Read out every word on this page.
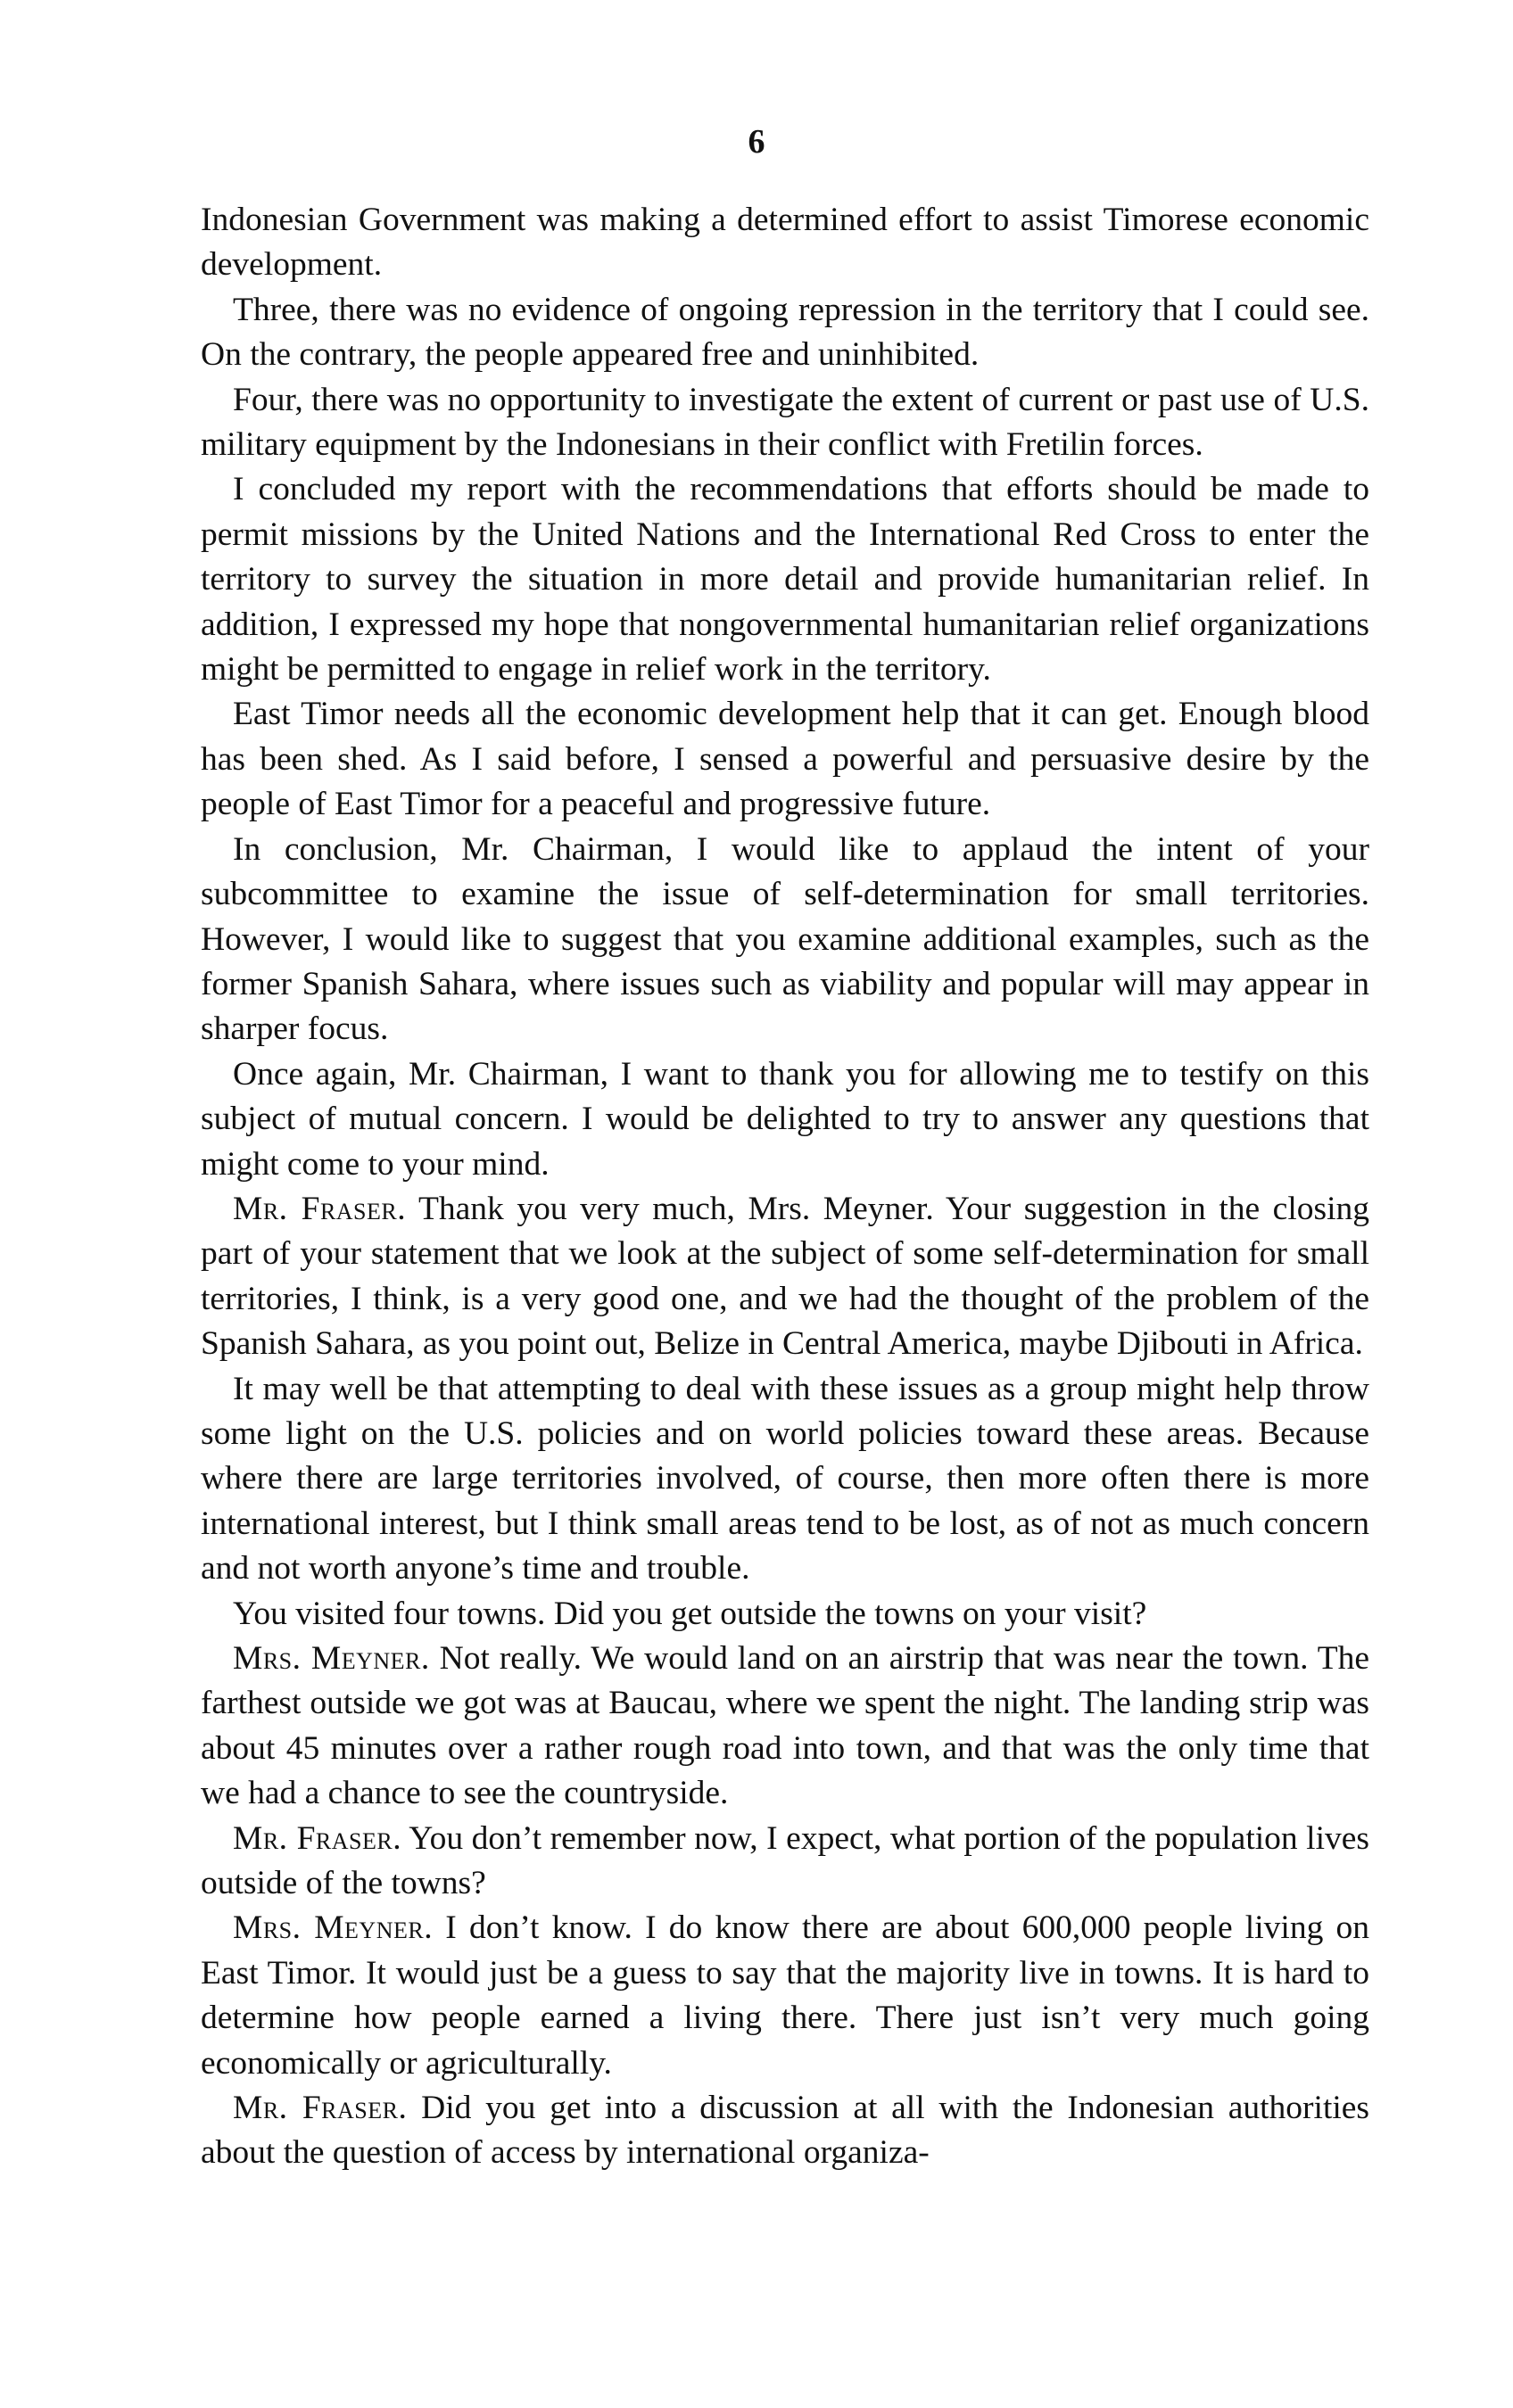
6

Indonesian Government was making a determined effort to assist Timorese economic development.

Three, there was no evidence of ongoing repression in the territory that I could see. On the contrary, the people appeared free and uninhibited.

Four, there was no opportunity to investigate the extent of current or past use of U.S. military equipment by the Indonesians in their conflict with Fretilin forces.

I concluded my report with the recommendations that efforts should be made to permit missions by the United Nations and the International Red Cross to enter the territory to survey the situation in more detail and provide humanitarian relief. In addition, I expressed my hope that nongovernmental humanitarian relief organizations might be permitted to engage in relief work in the territory.

East Timor needs all the economic development help that it can get. Enough blood has been shed. As I said before, I sensed a powerful and persuasive desire by the people of East Timor for a peaceful and progressive future.

In conclusion, Mr. Chairman, I would like to applaud the intent of your subcommittee to examine the issue of self-determination for small territories. However, I would like to suggest that you examine additional examples, such as the former Spanish Sahara, where issues such as viability and popular will may appear in sharper focus.

Once again, Mr. Chairman, I want to thank you for allowing me to testify on this subject of mutual concern. I would be delighted to try to answer any questions that might come to your mind.

Mr. Fraser. Thank you very much, Mrs. Meyner. Your suggestion in the closing part of your statement that we look at the subject of some self-determination for small territories, I think, is a very good one, and we had the thought of the problem of the Spanish Sahara, as you point out, Belize in Central America, maybe Djibouti in Africa.

It may well be that attempting to deal with these issues as a group might help throw some light on the U.S. policies and on world policies toward these areas. Because where there are large territories involved, of course, then more often there is more international interest, but I think small areas tend to be lost, as of not as much concern and not worth anyone’s time and trouble.

You visited four towns. Did you get outside the towns on your visit?

Mrs. Meyner. Not really. We would land on an airstrip that was near the town. The farthest outside we got was at Baucau, where we spent the night. The landing strip was about 45 minutes over a rather rough road into town, and that was the only time that we had a chance to see the countryside.

Mr. Fraser. You don’t remember now, I expect, what portion of the population lives outside of the towns?

Mrs. Meyner. I don’t know. I do know there are about 600,000 people living on East Timor. It would just be a guess to say that the majority live in towns. It is hard to determine how people earned a living there. There just isn’t very much going economically or agriculturally.

Mr. Fraser. Did you get into a discussion at all with the Indonesian authorities about the question of access by international organiza-
